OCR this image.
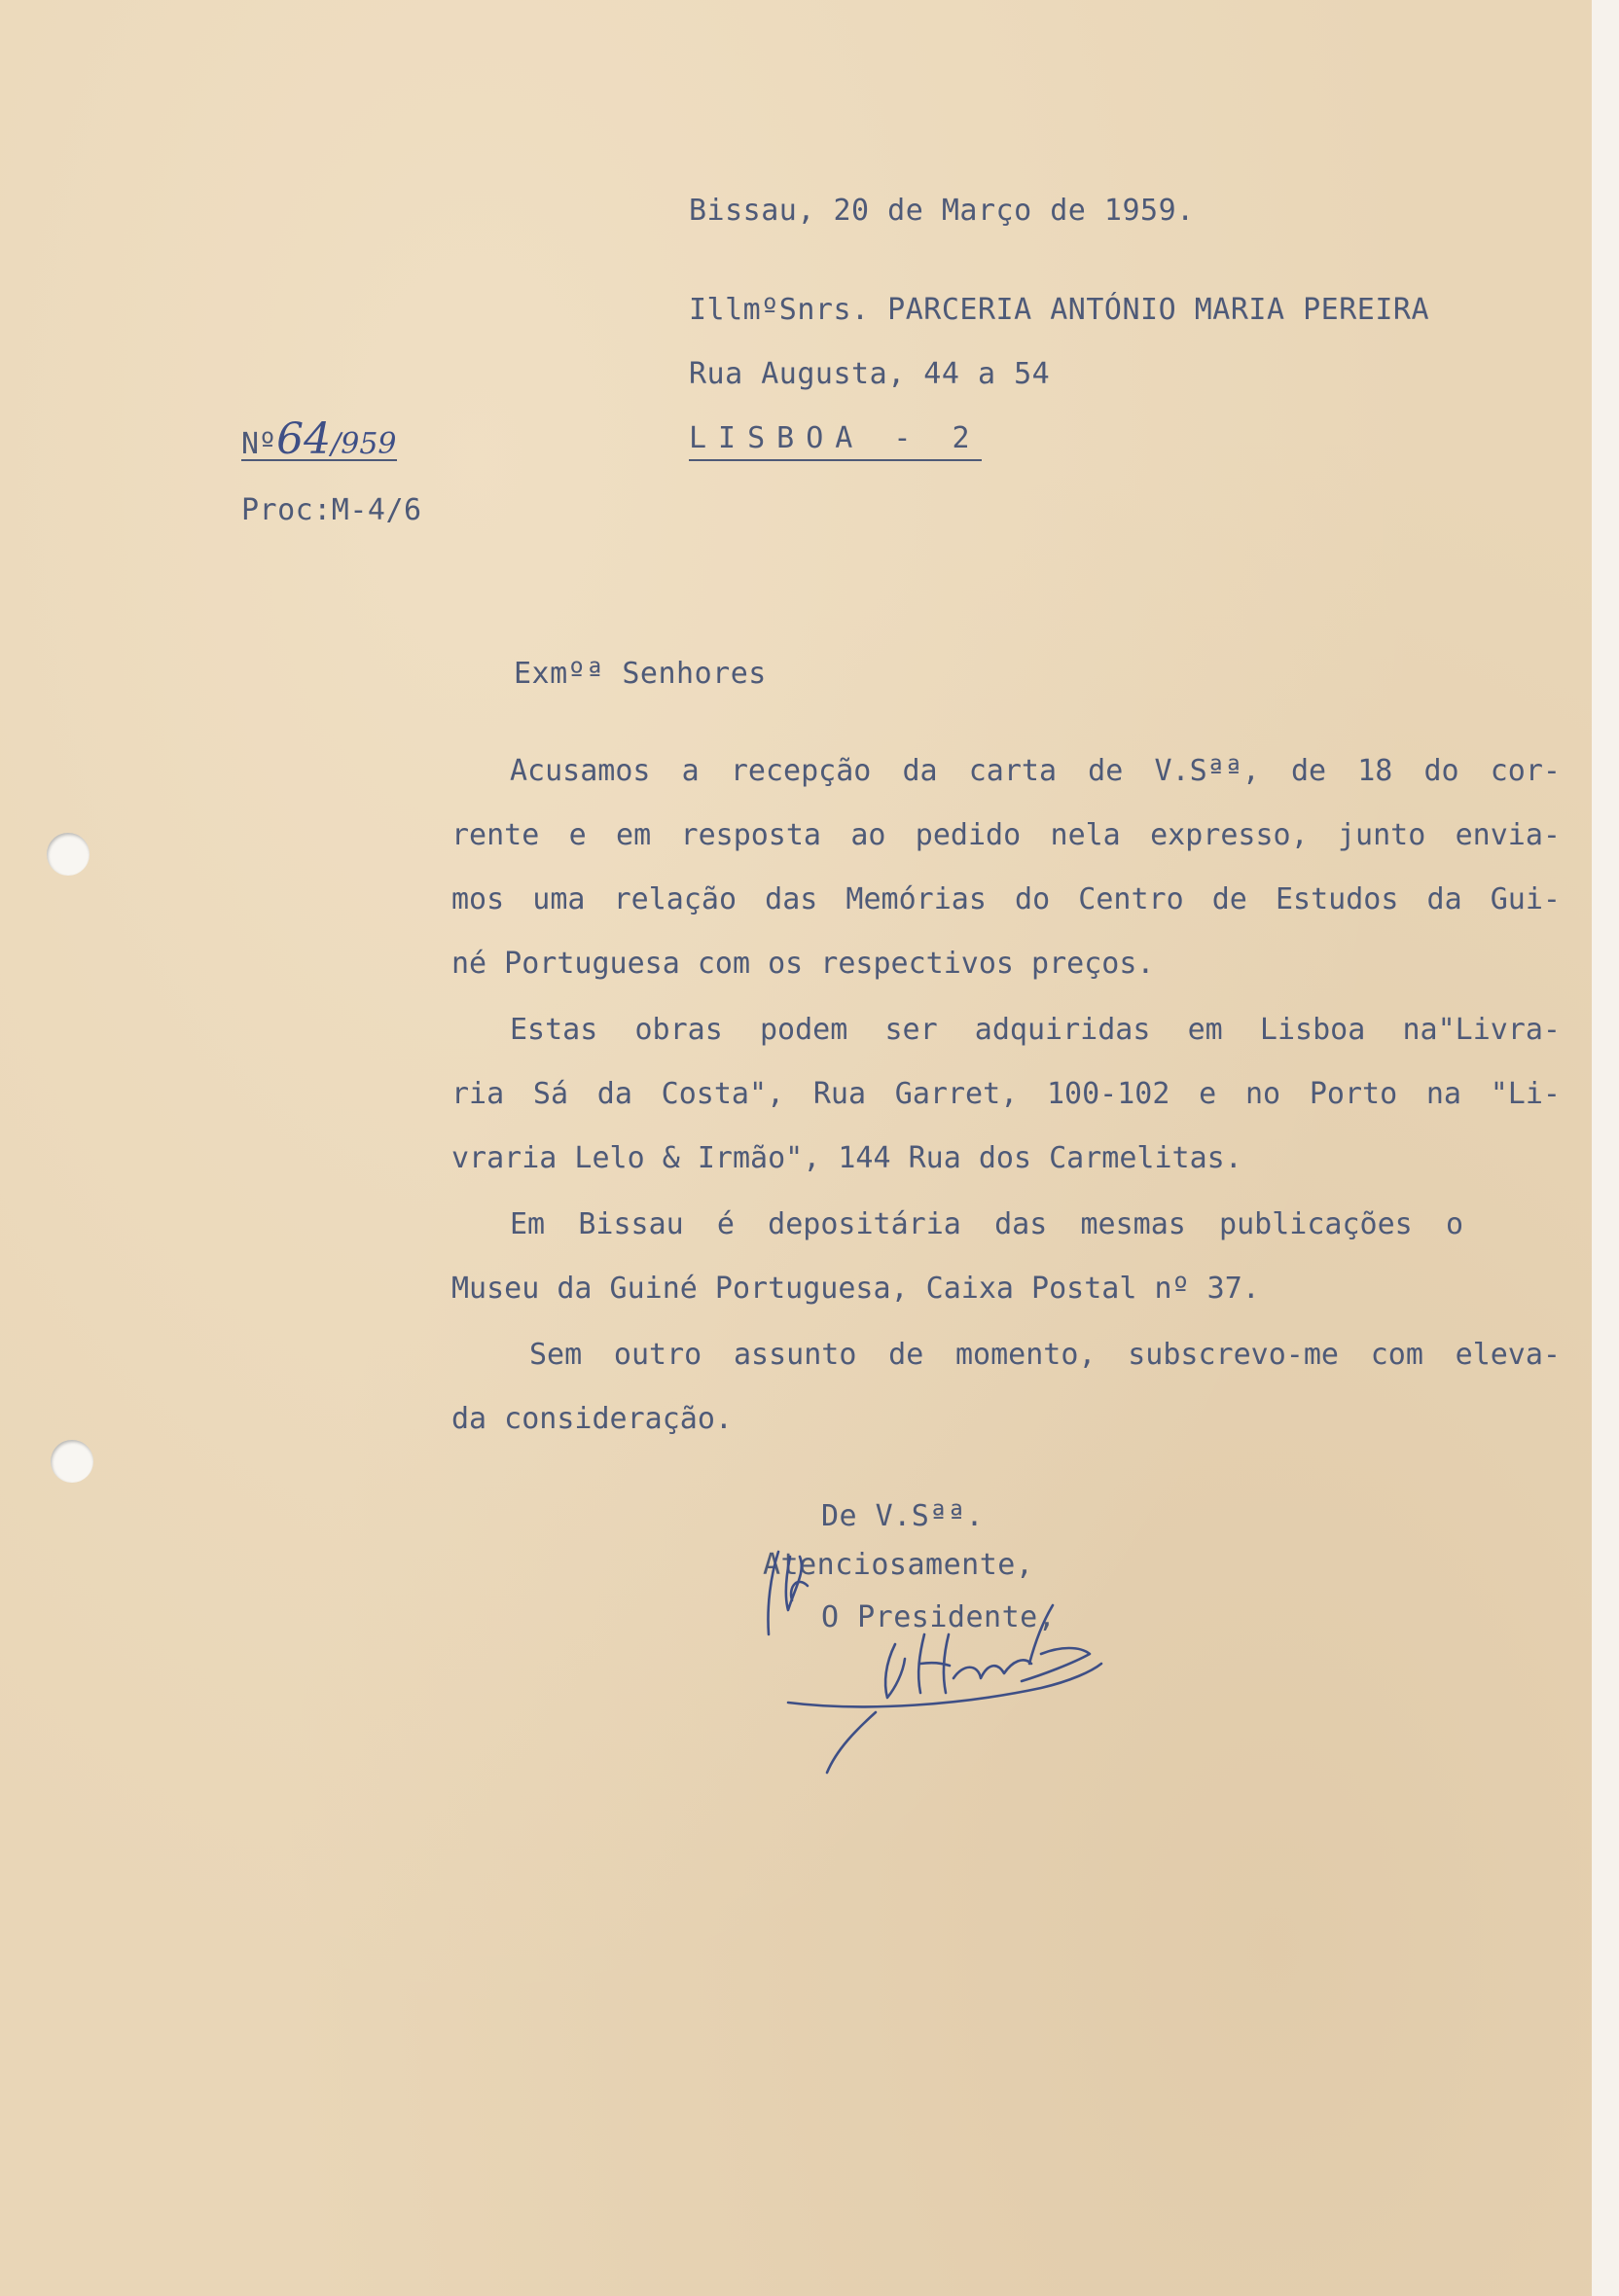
Bissau, 20 de Março de 1959.
IllmºSnrs. PARCERIA ANTÓNIO MARIA PEREIRA
Rua Augusta, 44 a 54
LISBOA - 2
Nº64/959
Proc:M-4/6
Exmºª Senhores
Acusamos a recepção da carta de V.Sªª, de 18 do cor-
rente e em resposta ao pedido nela expresso, junto envia-
mos uma relação das Memórias do Centro de Estudos da Gui-
né Portuguesa com os respectivos preços.
Estas obras podem ser adquiridas em Lisboa na"Livra-
ria Sá da Costa", Rua Garret, 100-102 e no Porto na "Li-
vraria Lelo & Irmão", 144 Rua dos Carmelitas.
Em Bissau é depositária das mesmas publicações o
Museu da Guiné Portuguesa, Caixa Postal nº 37.
Sem outro assunto de momento, subscrevo-me com eleva-
da consideração.
De V.Sªª.
Atenciosamente,
O Presidente,
